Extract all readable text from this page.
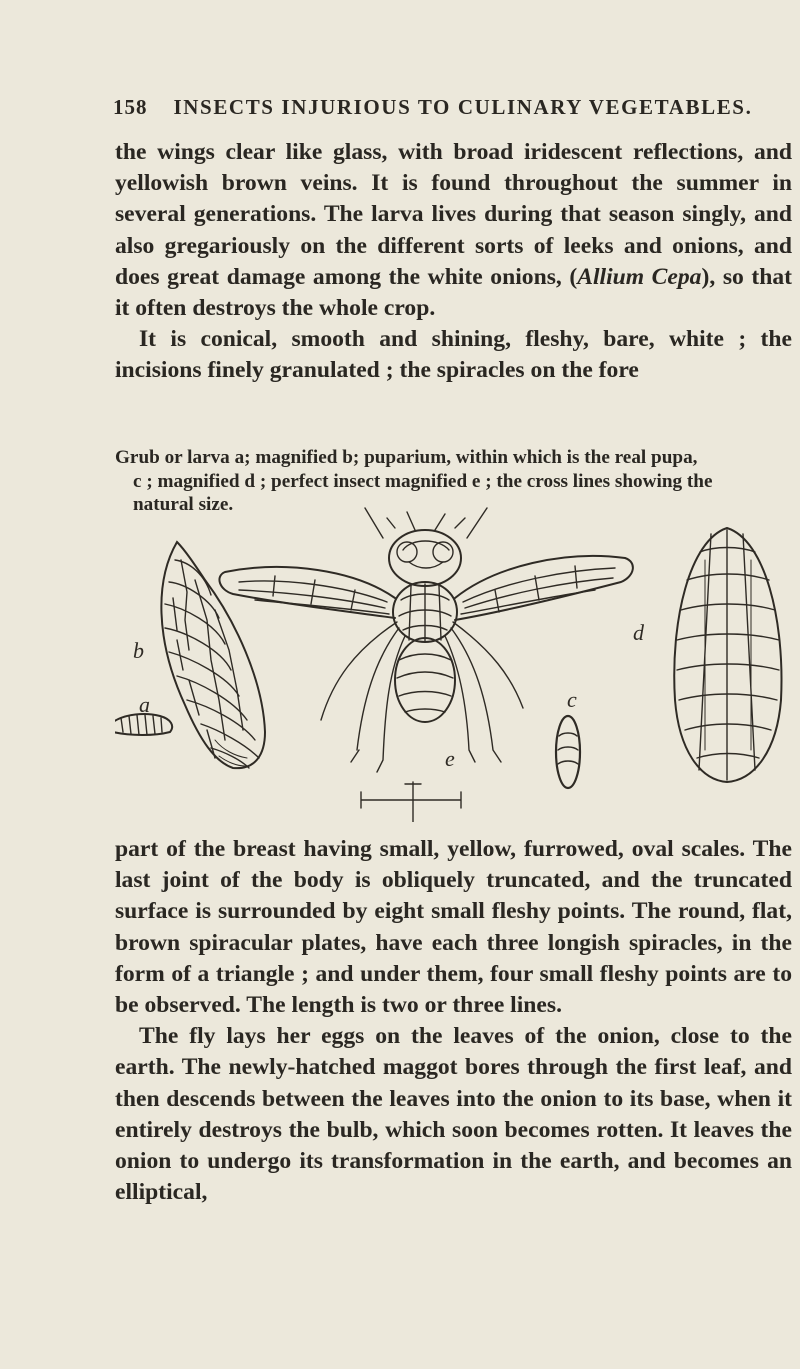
158 INSECTS INJURIOUS TO CULINARY VEGETABLES.

the wings clear like glass, with broad iridescent reflections, and yellowish brown veins. It is found throughout the summer in several generations. The larva lives during that season singly, and also gregariously on the different sorts of leeks and onions, and does great damage among the white onions, (Allium Cepa), so that it often destroys the whole crop.

It is conical, smooth and shining, fleshy, bare, white ; the incisions finely granulated ; the spiracles on the fore

Grub or larva a; magnified b; puparium, within which is the real pupa,
c ; magnified d ; perfect insect magnified e ; the cross lines showing the
natural size.
b
a
d
c
e

part of the breast having small, yellow, furrowed, oval scales. The last joint of the body is obliquely truncated, and the truncated surface is surrounded by eight small fleshy points. The round, flat, brown spiracular plates, have each three longish spiracles, in the form of a triangle ; and under them, four small fleshy points are to be observed. The length is two or three lines.

The fly lays her eggs on the leaves of the onion, close to the earth. The newly-hatched maggot bores through the first leaf, and then descends between the leaves into the onion to its base, when it entirely destroys the bulb, which soon becomes rotten. It leaves the onion to undergo its transformation in the earth, and becomes an elliptical,
